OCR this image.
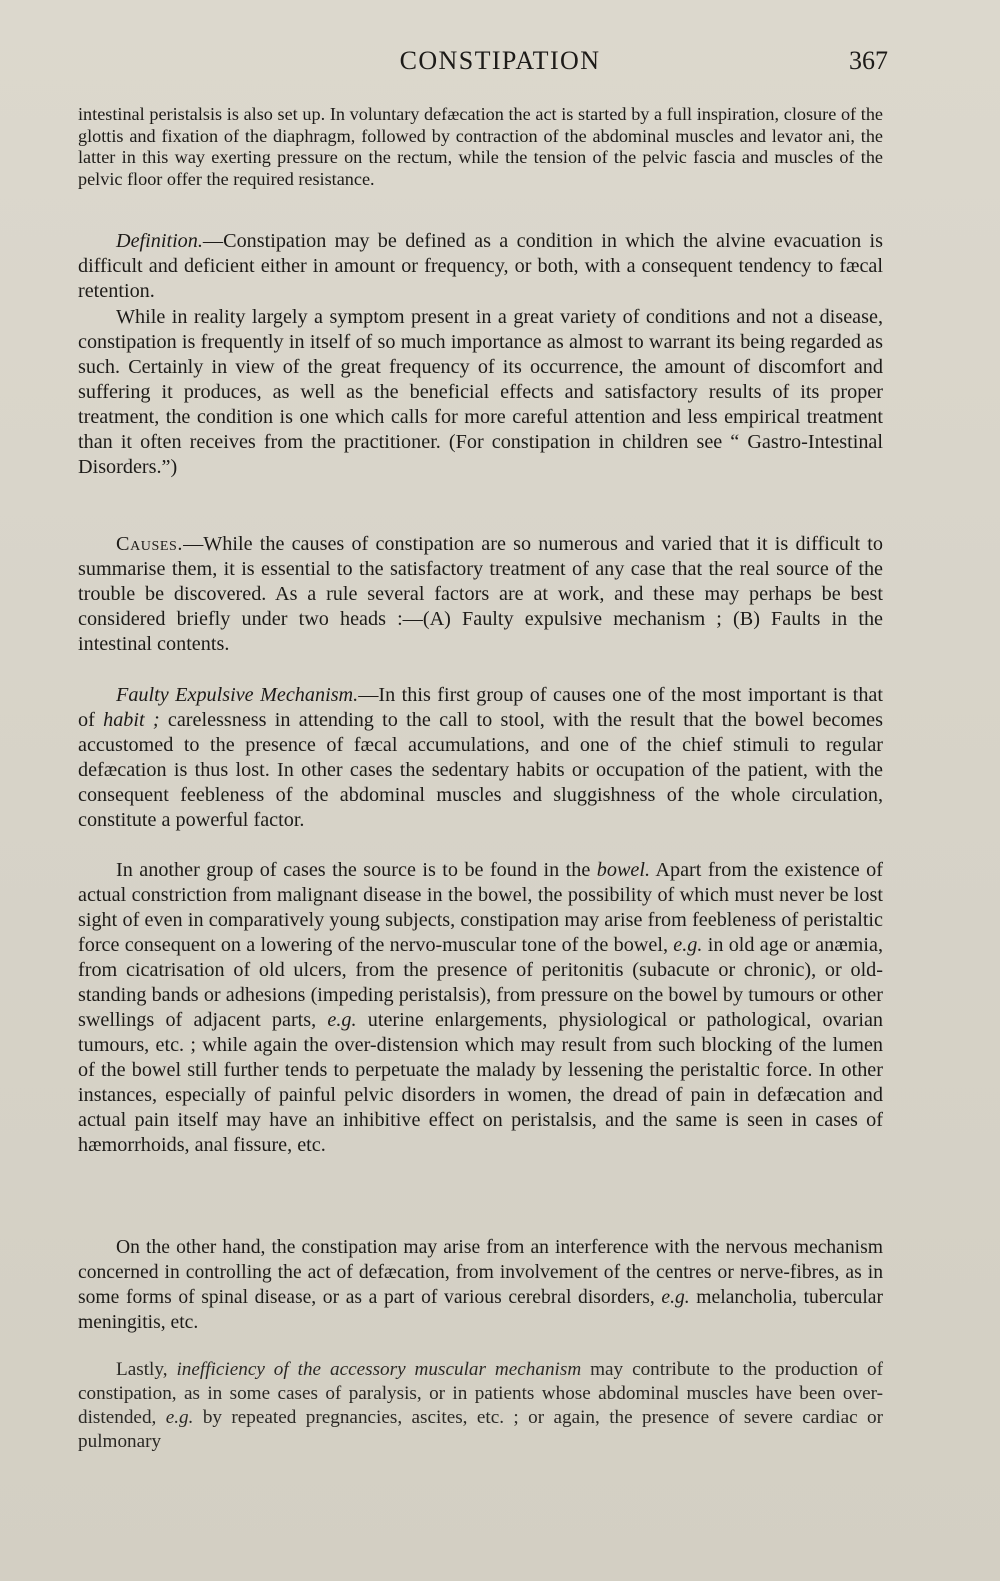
CONSTIPATION	367

intestinal peristalsis is also set up. In voluntary defæcation the act is started by a full inspiration, closure of the glottis and fixation of the diaphragm, followed by contraction of the abdominal muscles and levator ani, the latter in this way exerting pressure on the rectum, while the tension of the pelvic fascia and muscles of the pelvic floor offer the required resistance.

Definition.—Constipation may be defined as a condition in which the alvine evacuation is difficult and deficient either in amount or frequency, or both, with a consequent tendency to fæcal retention.

While in reality largely a symptom present in a great variety of conditions and not a disease, constipation is frequently in itself of so much importance as almost to warrant its being regarded as such. Certainly in view of the great frequency of its occurrence, the amount of discomfort and suffering it produces, as well as the beneficial effects and satisfactory results of its proper treatment, the condition is one which calls for more careful attention and less empirical treatment than it often receives from the practitioner. (For constipation in children see “ Gastro-Intestinal Disorders.”)

Causes.—While the causes of constipation are so numerous and varied that it is difficult to summarise them, it is essential to the satisfactory treatment of any case that the real source of the trouble be discovered. As a rule several factors are at work, and these may perhaps be best considered briefly under two heads :—(A) Faulty expulsive mechanism ; (B) Faults in the intestinal contents.

Faulty Expulsive Mechanism.—In this first group of causes one of the most important is that of habit ; carelessness in attending to the call to stool, with the result that the bowel becomes accustomed to the presence of fæcal accumulations, and one of the chief stimuli to regular defæcation is thus lost. In other cases the sedentary habits or occupation of the patient, with the consequent feebleness of the abdominal muscles and sluggishness of the whole circulation, constitute a powerful factor.

In another group of cases the source is to be found in the bowel. Apart from the existence of actual constriction from malignant disease in the bowel, the possibility of which must never be lost sight of even in comparatively young subjects, constipation may arise from feebleness of peristaltic force consequent on a lowering of the nervo-muscular tone of the bowel, e.g. in old age or anæmia, from cicatrisation of old ulcers, from the presence of peritonitis (subacute or chronic), or old-standing bands or adhesions (impeding peristalsis), from pressure on the bowel by tumours or other swellings of adjacent parts, e.g. uterine enlargements, physiological or pathological, ovarian tumours, etc. ; while again the over-distension which may result from such blocking of the lumen of the bowel still further tends to perpetuate the malady by lessening the peristaltic force. In other instances, especially of painful pelvic disorders in women, the dread of pain in defæcation and actual pain itself may have an inhibitive effect on peristalsis, and the same is seen in cases of hæmorrhoids, anal fissure, etc.

On the other hand, the constipation may arise from an interference with the nervous mechanism concerned in controlling the act of defæcation, from involvement of the centres or nerve-fibres, as in some forms of spinal disease, or as a part of various cerebral disorders, e.g. melancholia, tubercular meningitis, etc.

Lastly, inefficiency of the accessory muscular mechanism may contribute to the production of constipation, as in some cases of paralysis, or in patients whose abdominal muscles have been over-distended, e.g. by repeated pregnancies, ascites, etc. ; or again, the presence of severe cardiac or pulmonary
